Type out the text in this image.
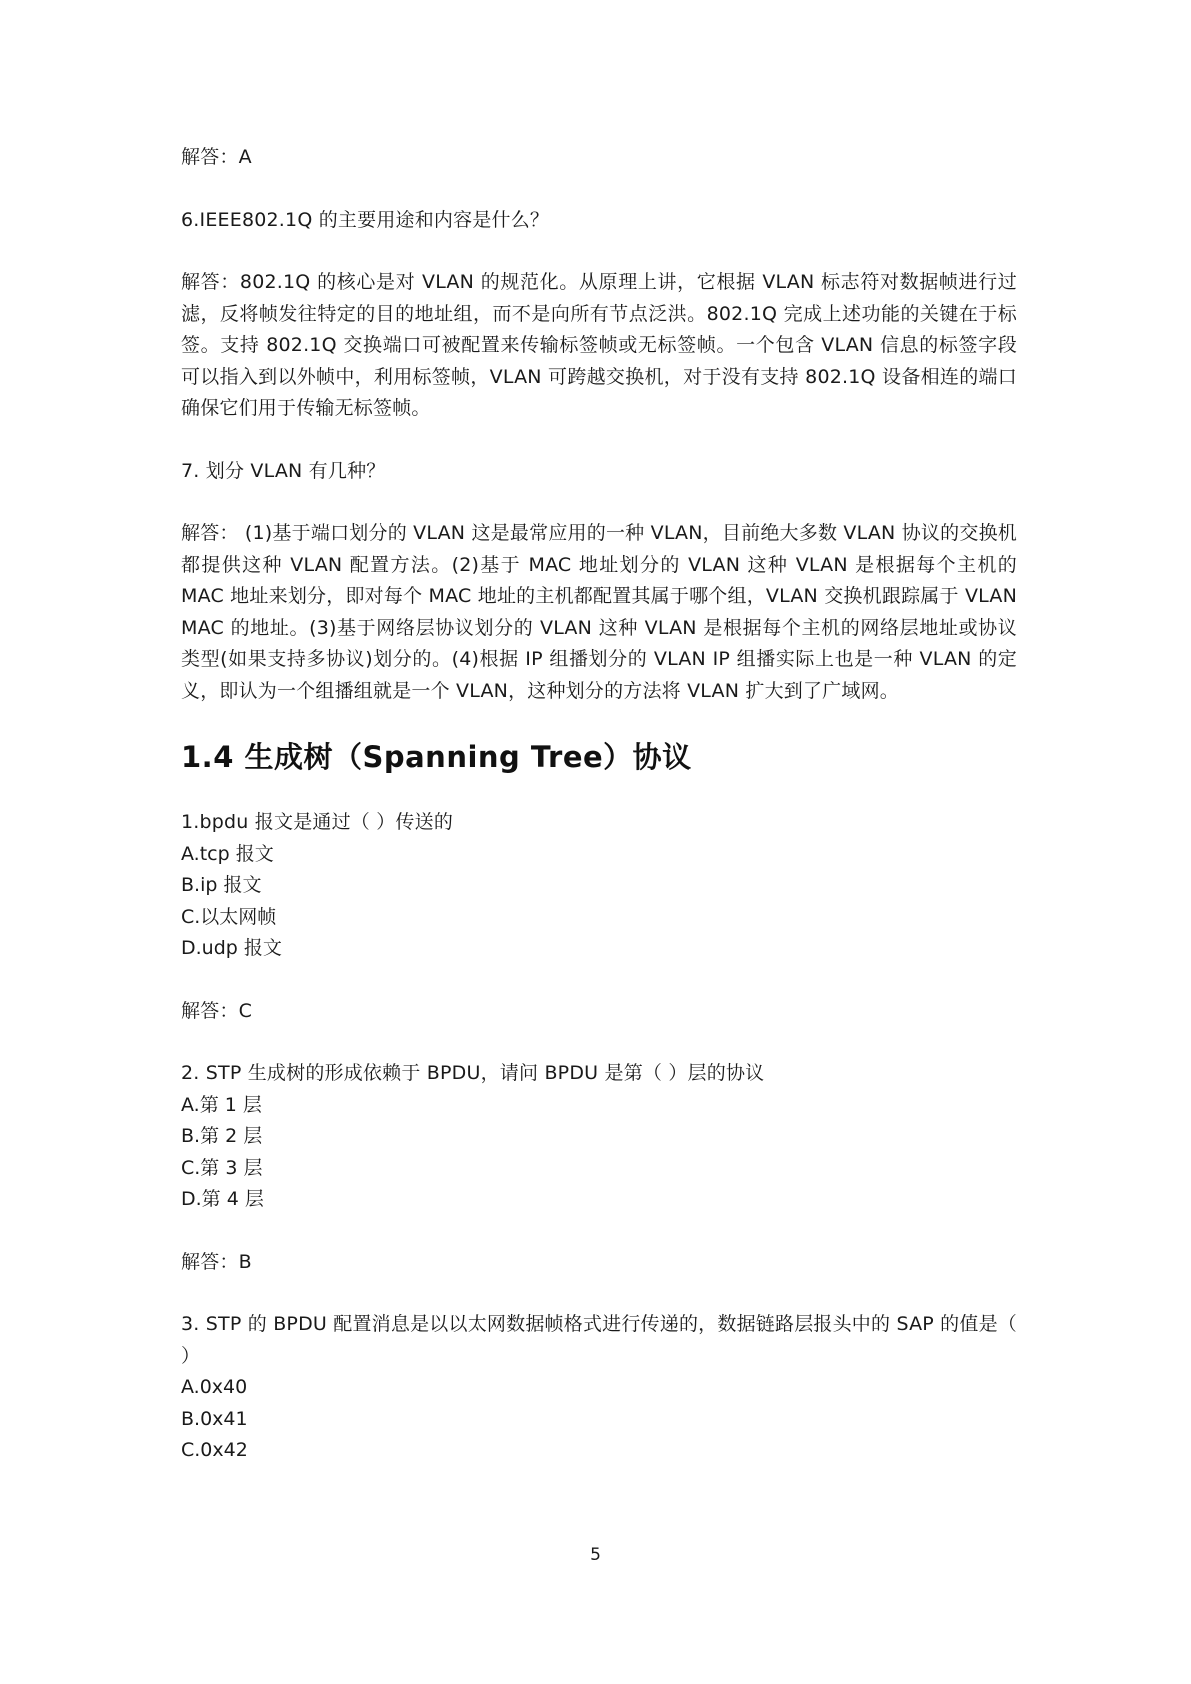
解答：A

6.IEEE802.1Q 的主要用途和内容是什么？

解答：802.1Q 的核心是对 VLAN 的规范化。从原理上讲，它根据 VLAN 标志符对数据帧进行过滤，反将帧发往特定的目的地址组，而不是向所有节点泛洪。802.1Q 完成上述功能的关键在于标签。支持 802.1Q 交换端口可被配置来传输标签帧或无标签帧。一个包含 VLAN 信息的标签字段可以指入到以外帧中，利用标签帧，VLAN 可跨越交换机，对于没有支持 802.1Q 设备相连的端口确保它们用于传输无标签帧。

7. 划分 VLAN 有几种？

解答： (1)基于端口划分的 VLAN 这是最常应用的一种 VLAN，目前绝大多数 VLAN 协议的交换机都提供这种 VLAN 配置方法。(2)基于 MAC 地址划分的 VLAN 这种 VLAN 是根据每个主机的 MAC 地址来划分，即对每个 MAC 地址的主机都配置其属于哪个组，VLAN 交换机跟踪属于 VLAN MAC 的地址。(3)基于网络层协议划分的 VLAN 这种 VLAN 是根据每个主机的网络层地址或协议类型(如果支持多协议)划分的。(4)根据 IP 组播划分的 VLAN IP 组播实际上也是一种 VLAN 的定义，即认为一个组播组就是一个 VLAN，这种划分的方法将 VLAN 扩大到了广域网。

1.4 生成树（Spanning Tree）协议

1.bpdu 报文是通过（ ）传送的

A.tcp 报文

B.ip 报文

C.以太网帧

D.udp 报文

解答：C

2. STP 生成树的形成依赖于 BPDU，请问 BPDU 是第（ ）层的协议

A.第 1 层

B.第 2 层

C.第 3 层

D.第 4 层

解答：B

3. STP 的 BPDU 配置消息是以以太网数据帧格式进行传递的，数据链路层报头中的 SAP 的值是（ ）

A.0x40

B.0x41

C.0x42

5
